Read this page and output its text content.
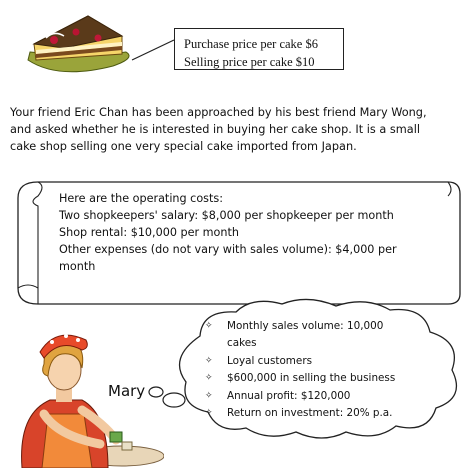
Purchase price per cake $6
Selling price per cake $10
Your friend Eric Chan has been approached by his best friend Mary Wong,
and asked whether he is interested in buying her cake shop. It is a small
cake shop selling one very special cake imported from Japan.
Here are the operating costs:
Two shopkeepers' salary: $8,000 per shopkeeper per month
Shop rental: $10,000 per month
Other expenses (do not vary with sales volume): $4,000 per
month
✧ Monthly sales volume: 10,000
cakes
✧ Loyal customers
✧ $600,000 in selling the business
✧ Annual profit: $120,000
✧ Return on investment: 20% p.a.
Mary
